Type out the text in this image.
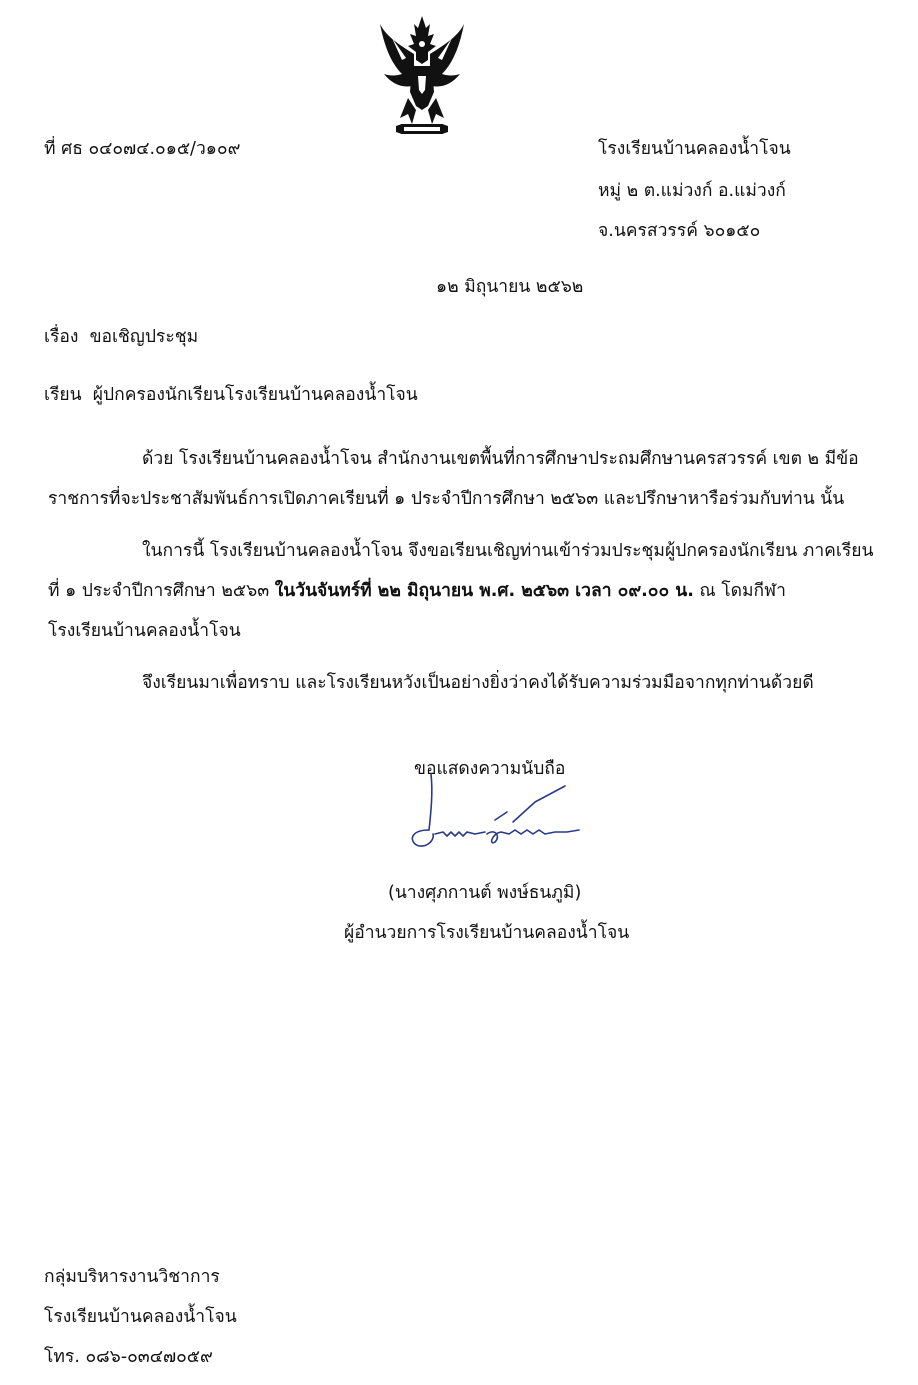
ที่ ศธ ๐๔๐๗๔.๐๑๕/ว๑๐๙	โรงเรียนบ้านคลองน้ำโจน
หมู่ ๒ ต.แม่วงก์ อ.แม่วงก์
จ.นครสวรรค์ ๖๐๑๕๐
๑๒ มิถุนายน ๒๕๖๒
เรื่อง ขอเชิญประชุม
เรียน ผู้ปกครองนักเรียนโรงเรียนบ้านคลองน้ำโจน
ด้วย โรงเรียนบ้านคลองน้ำโจน สำนักงานเขตพื้นที่การศึกษาประถมศึกษานครสวรรค์ เขต ๒ มีข้อ
ราชการที่จะประชาสัมพันธ์การเปิดภาคเรียนที่ ๑ ประจำปีการศึกษา ๒๕๖๓ และปรึกษาหารือร่วมกับท่าน นั้น
ในการนี้ โรงเรียนบ้านคลองน้ำโจน จึงขอเรียนเชิญท่านเข้าร่วมประชุมผู้ปกครองนักเรียน ภาคเรียน
ที่ ๑ ประจำปีการศึกษา ๒๕๖๓ ในวันจันทร์ที่ ๒๒ มิถุนายน พ.ศ. ๒๕๖๓ เวลา ๐๙.๐๐ น. ณ โดมกีฬา
โรงเรียนบ้านคลองน้ำโจน
จึงเรียนมาเพื่อทราบ และโรงเรียนหวังเป็นอย่างยิ่งว่าคงได้รับความร่วมมือจากทุกท่านด้วยดี
ขอแสดงความนับถือ
(นางศุภกานต์ พงษ์ธนภูมิ)
ผู้อำนวยการโรงเรียนบ้านคลองน้ำโจน
กลุ่มบริหารงานวิชาการ
โรงเรียนบ้านคลองน้ำโจน
โทร. ๐๘๖-๐๓๔๗๐๕๙
